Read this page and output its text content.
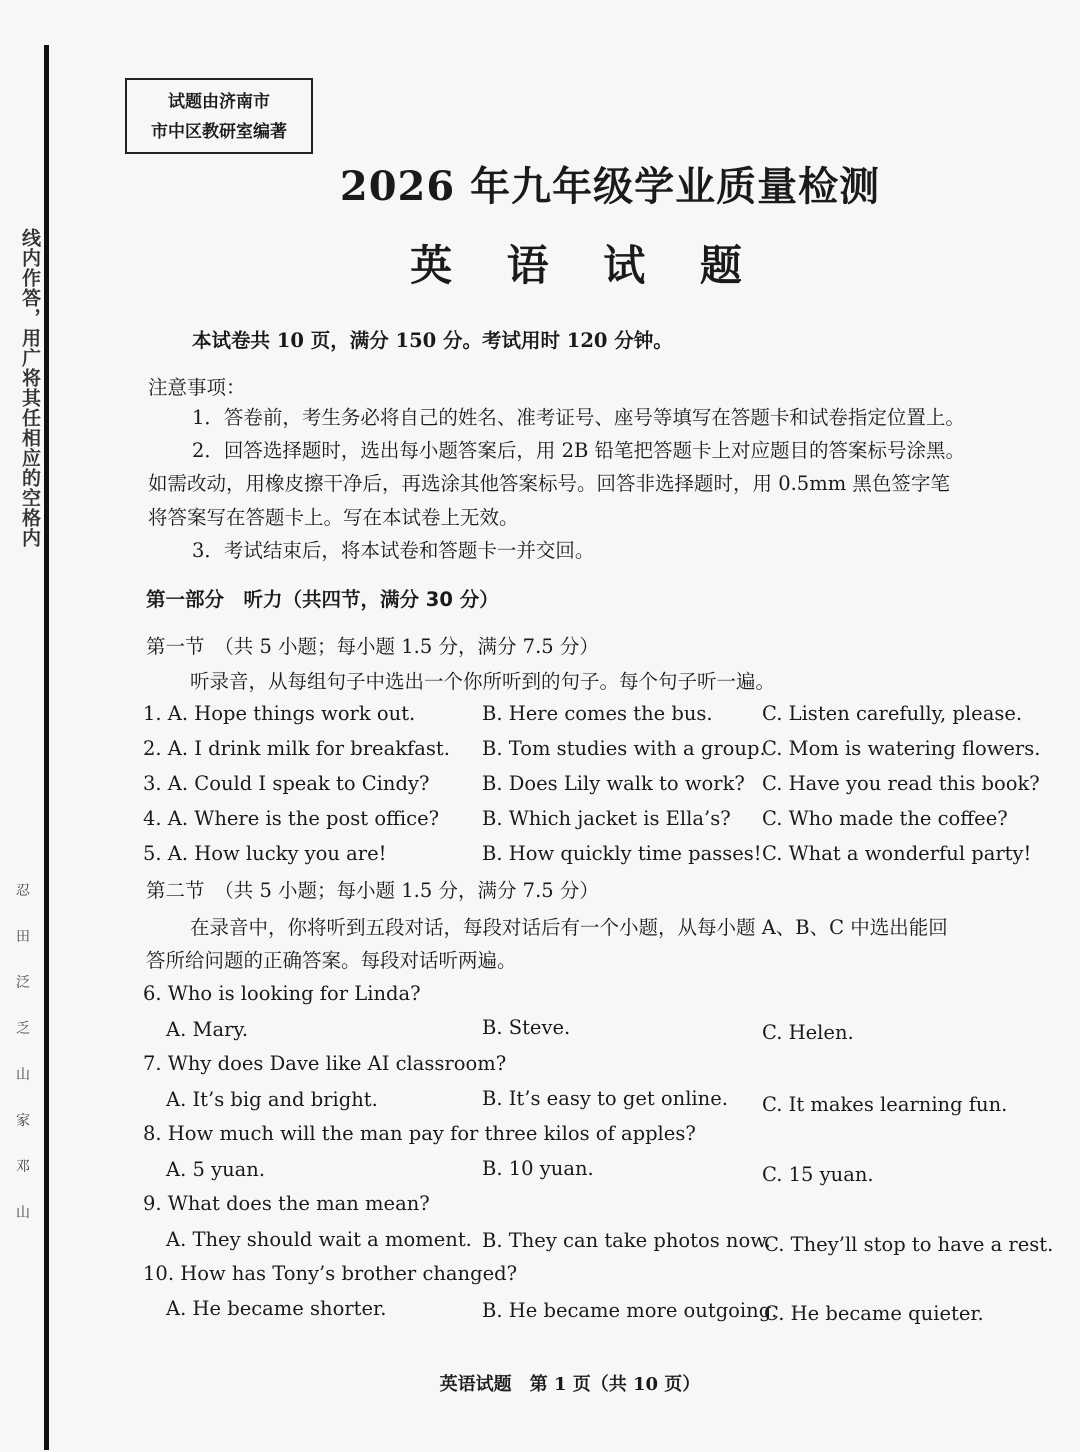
线内作答，用广将其任相应的空格内
忍
田
泛
乏
山
家
邓
山
试题由济南市
市中区教研室编著
2026 年九年级学业质量检测
英 语 试 题
本试卷共 10 页，满分 150 分。考试用时 120 分钟。
注意事项：
1．答卷前，考生务必将自己的姓名、准考证号、座号等填写在答题卡和试卷指定位置上。
2．回答选择题时，选出每小题答案后，用 2B 铅笔把答题卡上对应题目的答案标号涂黑。
如需改动，用橡皮擦干净后，再选涂其他答案标号。回答非选择题时，用 0.5mm 黑色签字笔
将答案写在答题卡上。写在本试卷上无效。
3．考试结束后，将本试卷和答题卡一并交回。
第一部分　听力（共四节，满分 30 分）
第一节　（共 5 小题；每小题 1.5 分，满分 7.5 分）
听录音，从每组句子中选出一个你所听到的句子。每个句子听一遍。
1. A. Hope things work out.	B. Here comes the bus.	C. Listen carefully, please.
2. A. I drink milk for breakfast. B. Tom studies with a group.
C. Mom is watering flowers.
3. A. Could I speak to Cindy?	B. Does Lily walk to work? C. Have you read this book?
4. A. Where is the post office? B. Which jacket is Ella’s? C. Who made the coffee?
5. A. How lucky you are!	B. How quickly time passes! C. What a wonderful party!
第二节　（共 5 小题；每小题 1.5 分，满分 7.5 分）
在录音中，你将听到五段对话，每段对话后有一个小题，从每小题 A、B、C 中选出能回
答所给问题的正确答案。每段对话听两遍。
6. Who is looking for Linda?
A. Mary.	B. Steve.	C. Helen.
7. Why does Dave like AI classroom?
A. It’s big and bright.	B. It’s easy to get online. C. It makes learning fun.
8. How much will the man pay for three kilos of apples?
A. 5 yuan.	B. 10 yuan.	C. 15 yuan.
9. What does the man mean?
A. They should wait a moment. B. They can take photos now.
C. They’ll stop to have a rest.
10. How has Tony’s brother changed?
A. He became shorter.	B. He became more outgoing.
C. He became quieter.
英语试题　第 1 页（共 10 页）
